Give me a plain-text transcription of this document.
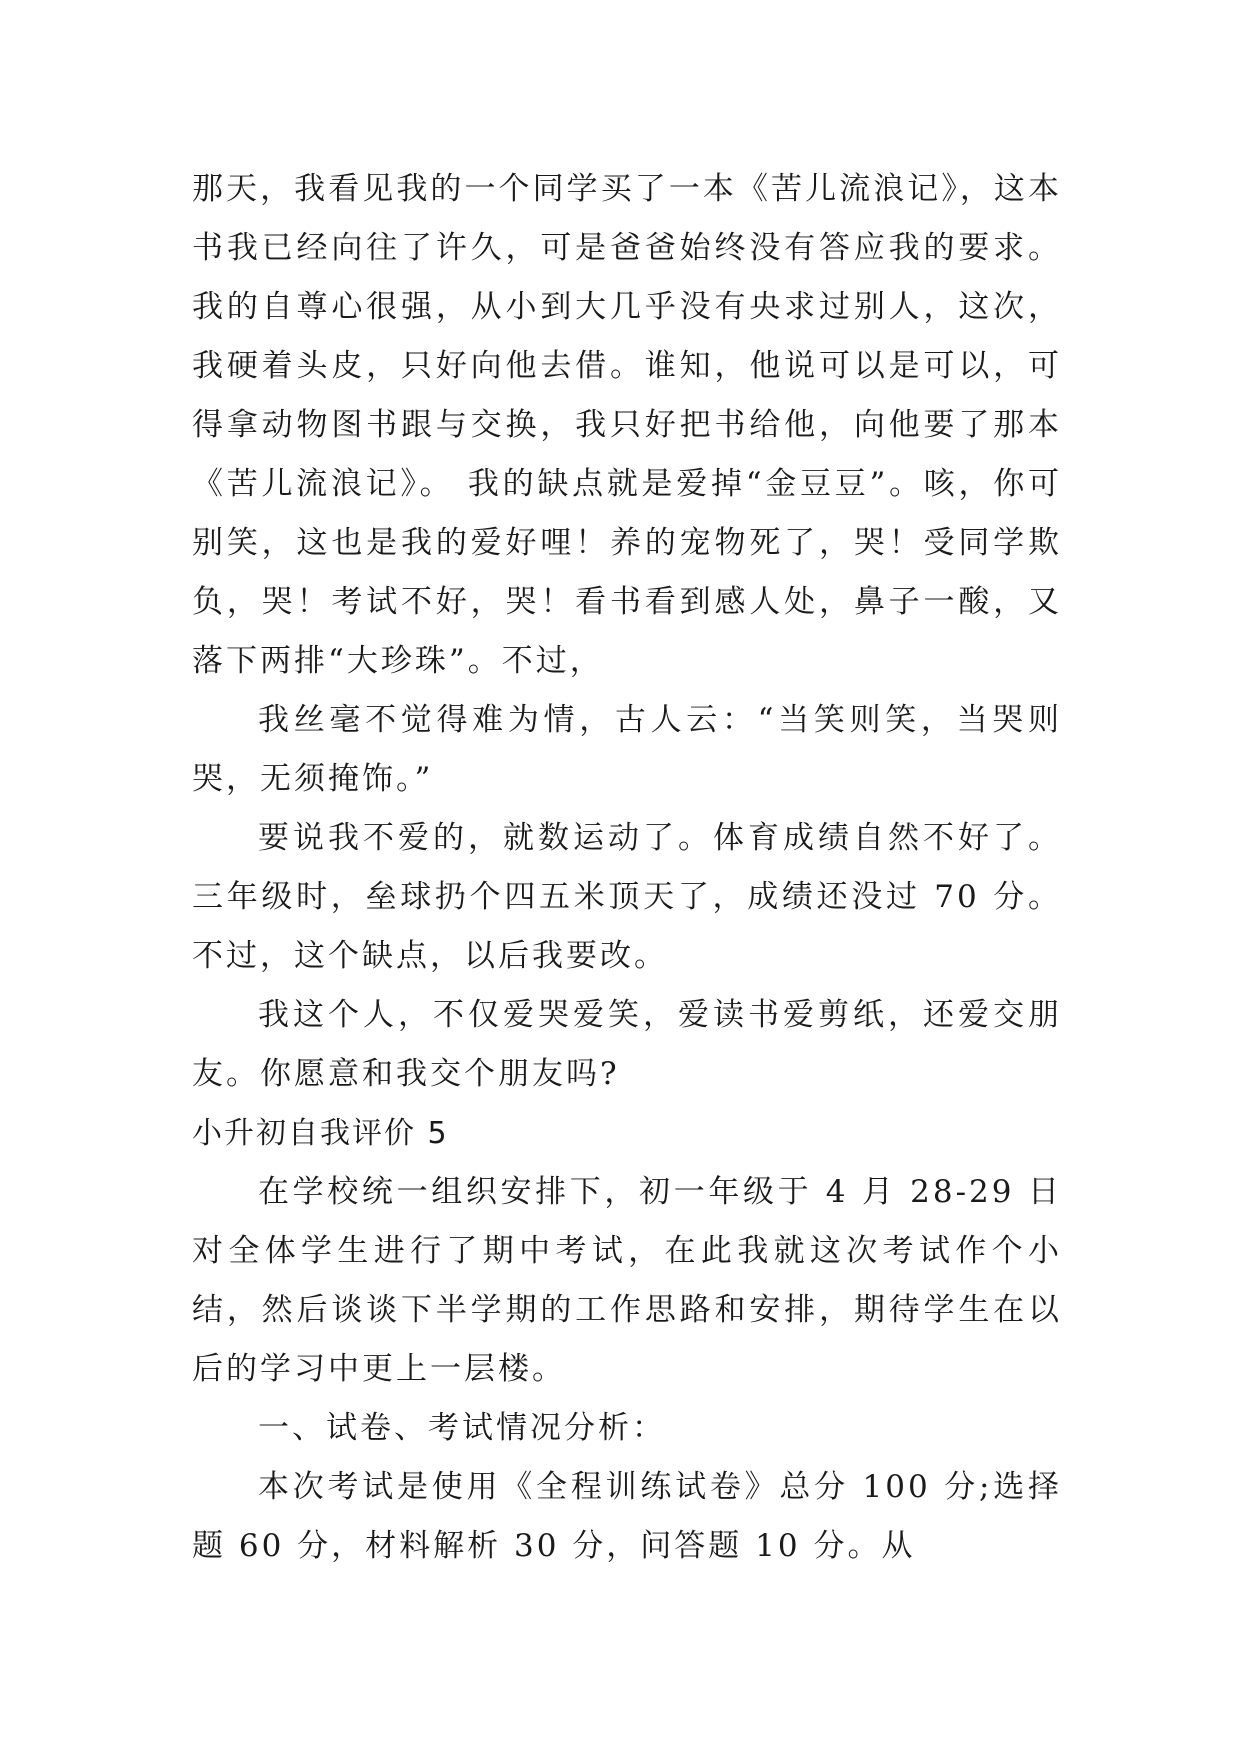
那天，我看见我的一个同学买了一本《苦儿流浪记》，这本书我已经向往了许久，可是爸爸始终没有答应我的要求。我的自尊心很强，从小到大几乎没有央求过别人，这次，我硬着头皮，只好向他去借。谁知，他说可以是可以，可得拿动物图书跟与交换，我只好把书给他，向他要了那本《苦儿流浪记》。 我的缺点就是爱掉“金豆豆”。咳，你可别笑，这也是我的爱好哩！养的宠物死了，哭！受同学欺负，哭！考试不好，哭！看书看到感人处，鼻子一酸，又落下两排“大珍珠”。不过，

我丝毫不觉得难为情，古人云：“当笑则笑，当哭则哭，无须掩饰。”

要说我不爱的，就数运动了。体育成绩自然不好了。三年级时，垒球扔个四五米顶天了，成绩还没过 70 分。不过，这个缺点，以后我要改。

我这个人，不仅爱哭爱笑，爱读书爱剪纸，还爱交朋友。你愿意和我交个朋友吗?

小升初自我评价 5

在学校统一组织安排下，初一年级于 4 月 28-29 日对全体学生进行了期中考试，在此我就这次考试作个小结，然后谈谈下半学期的工作思路和安排，期待学生在以后的学习中更上一层楼。

一、试卷、考试情况分析：

本次考试是使用《全程训练试卷》总分 100 分;选择题 60 分，材料解析 30 分，问答题 10 分。从
